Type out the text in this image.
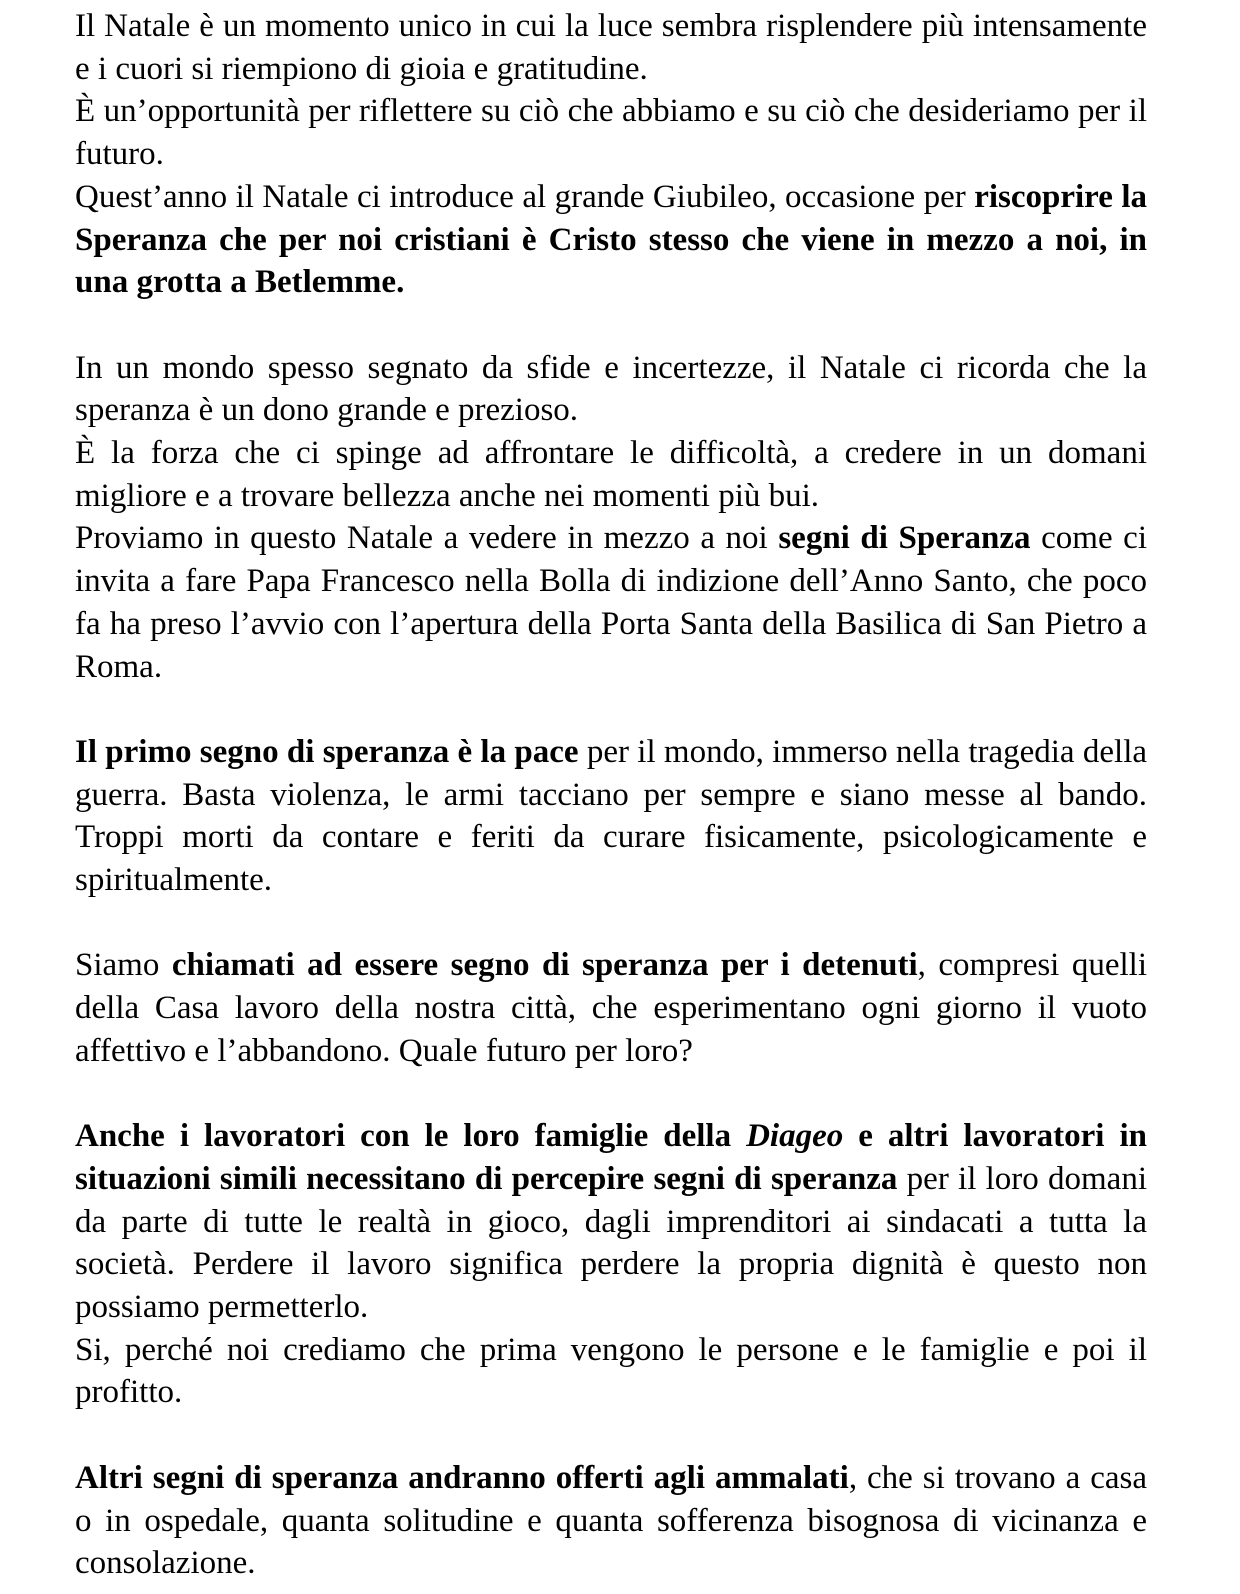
Il Natale è un momento unico in cui la luce sembra risplendere più intensamente e i cuori si riempiono di gioia e gratitudine.

È un’opportunità per riflettere su ciò che abbiamo e su ciò che desideriamo per il futuro.

Quest’anno il Natale ci introduce al grande Giubileo, occasione per riscoprire la Speranza che per noi cristiani è Cristo stesso che viene in mezzo a noi, in una grotta a Betlemme.

In un mondo spesso segnato da sfide e incertezze, il Natale ci ricorda che la speranza è un dono grande e prezioso.

È la forza che ci spinge ad affrontare le difficoltà, a credere in un domani migliore e a trovare bellezza anche nei momenti più bui.

Proviamo in questo Natale a vedere in mezzo a noi segni di Speranza come ci invita a fare Papa Francesco nella Bolla di indizione dell’Anno Santo, che poco fa ha preso l’avvio con l’apertura della Porta Santa della Basilica di San Pietro a Roma.

Il primo segno di speranza è la pace per il mondo, immerso nella tragedia della guerra. Basta violenza, le armi tacciano per sempre e siano messe al bando. Troppi morti da contare e feriti da curare fisicamente, psicologicamente e spiritualmente.

Siamo chiamati ad essere segno di speranza per i detenuti, compresi quelli della Casa lavoro della nostra città, che esperimentano ogni giorno il vuoto affettivo e l’abbandono. Quale futuro per loro?

Anche i lavoratori con le loro famiglie della Diageo e altri lavoratori in situazioni simili necessitano di percepire segni di speranza per il loro domani da parte di tutte le realtà in gioco, dagli imprenditori ai sindacati a tutta la società. Perdere il lavoro significa perdere la propria dignità è questo non possiamo permetterlo.

Si, perché noi crediamo che prima vengono le persone e le famiglie e poi il profitto.

Altri segni di speranza andranno offerti agli ammalati, che si trovano a casa o in ospedale, quanta solitudine e quanta sofferenza bisognosa di vicinanza e consolazione.
